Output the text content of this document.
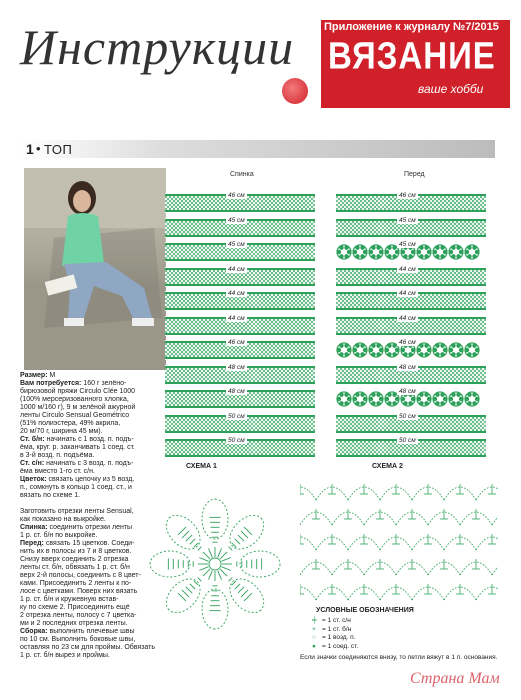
Инструкции	Приложение к журналу №7/2015
ВЯЗАНИЕ
ваше хобби
1 • ТОП
Спинка	Перед
46 см
45 см
45 см
44 см
44 см
44 см
46 см
48 см
48 см
50 см
50 см
46 см
45 см
45 см
44 см
44 см
44 см
46 см
48 см
48 см
50 см
50 см
Размер: M
Вам потребуется: 160 г зелёно-
бирюзовой пряжи Circulo Clée 1000
(100% мерсеризованного хлопка,
1000 м/160 г), 9 м зелёной ажурной
ленты Circulo Sensual Geométrico
(51% полиэстера, 49% акрила,
20 м/70 г, ширина 45 мм).
Ст. б/н: начинать с 1 возд. п. подъ-
ёма, круг. р. заканчивать 1 соед. ст.
в 3-й возд. п. подъёма.
Ст. с/н: начинать с 3 возд. п. подъ-
ёма вместо 1-го ст. с/н.
Цветок: связать цепочку из 5 возд.
п., сомкнуть в кольцо 1 соед. ст., и
вязать по схеме 1.
Заготовить отрезки ленты Sensual,
как показано на выкройке.
Спинка: соединить отрезки ленты
1 р. ст. б/н по выкройке.
Перед: связать 15 цветков. Соеди-
нить их в полосы из 7 и 8 цветков.
Снизу вверх соединить 2 отрезка
ленты ст. б/н, обвязать 1 р. ст. б/н
верх 2-й полосы, соединить с 8 цвет-
ками. Присоединить 2 ленты к по-
лосе с цветками. Поверх них вязать
1 р. ст. б/н и кружевную встав-
ку по схеме 2. Присоединить ещё
2 отрезка ленты, полосу с 7 цветка-
ми и 2 последних отрезка ленты.
Сборка: выполнить плечевые швы
по 10 см. Выполнить боковые швы,
оставляя по 23 см для проймы. Обвязать
1 р. ст. б/н вырез и проймы.
СХЕМА 1	СХЕМА 2
УСЛОВНЫЕ ОБОЗНАЧЕНИЯ
╪ = 1 ст. с/н
× = 1 ст. б/н
○ = 1 возд. п.
● = 1 соед. ст.
Если значки соединяются внизу, то петли вяжут в 1 п. основания.
Страна Мам
